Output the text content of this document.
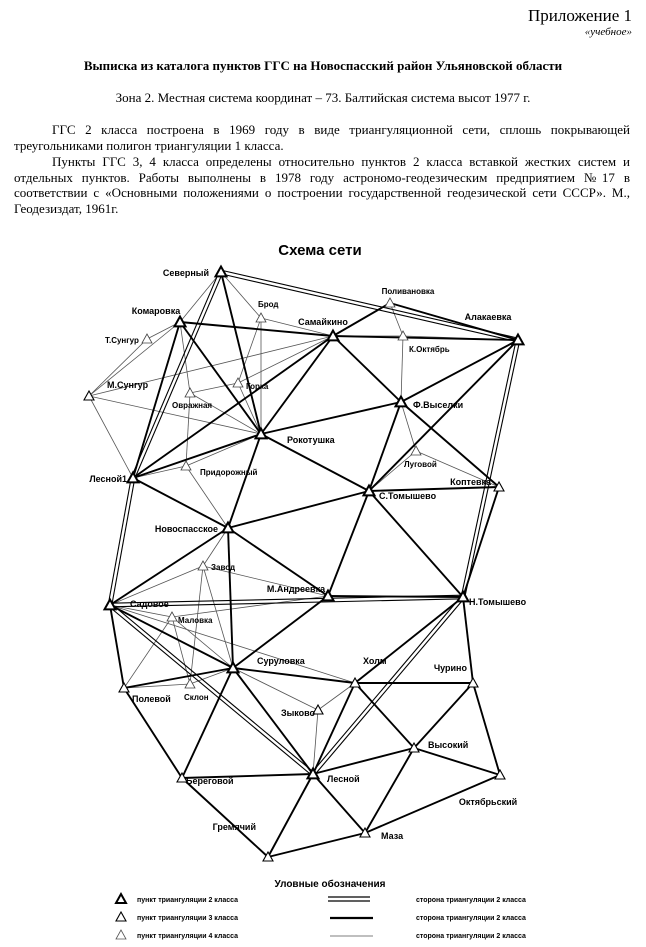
Приложение 1

«учебное»

Выписка из каталога пунктов ГГС на Новоспасский район Ульяновской области

Зона 2. Местная система координат – 73. Балтийская система высот 1977 г.

ГГС 2 класса построена в 1969 году в виде триангуляционной сети, сплошь покрывающей треугольниками полигон триангуляции 1 класса.

Пункты ГГС 3, 4 класса определены относительно пунктов 2 класса вставкой жестких систем и отдельных пунктов. Работы выполнены в 1978 году астрономо-геодезическим предприятием №17 в соответствии с «Основными положениями о построении государственной геодезической сети СССР». М., Геодезиздат, 1961г.

Схема сети
Северный
Брод
Поливановка
Самайкино	Алакаевка
Комаровка
Т.Сунгур
К.Октябрь
М.Сунгур	Горка
Овражная	Ф.Выселки
Рокотушка
Луговой
Лесной1
Придорожный
Коптевка
С.Томышево
Новоспасское
Завод
М.Андреевка
Н.Томышево
Садовое
Маловка
Суруловка	Холм
Чурино
Полевой Склон
Зыково
Высокий
Береговой	Лесной
Октябрьский
Гремячий
Маза
Уловные обозначения
пункт триангуляции 2 класса	сторона триангуляции 2 класса
пункт триангуляции 3 класса	сторона триангуляции 2 класса
пункт триангуляции 4 класса	сторона триангуляции 2 класса
